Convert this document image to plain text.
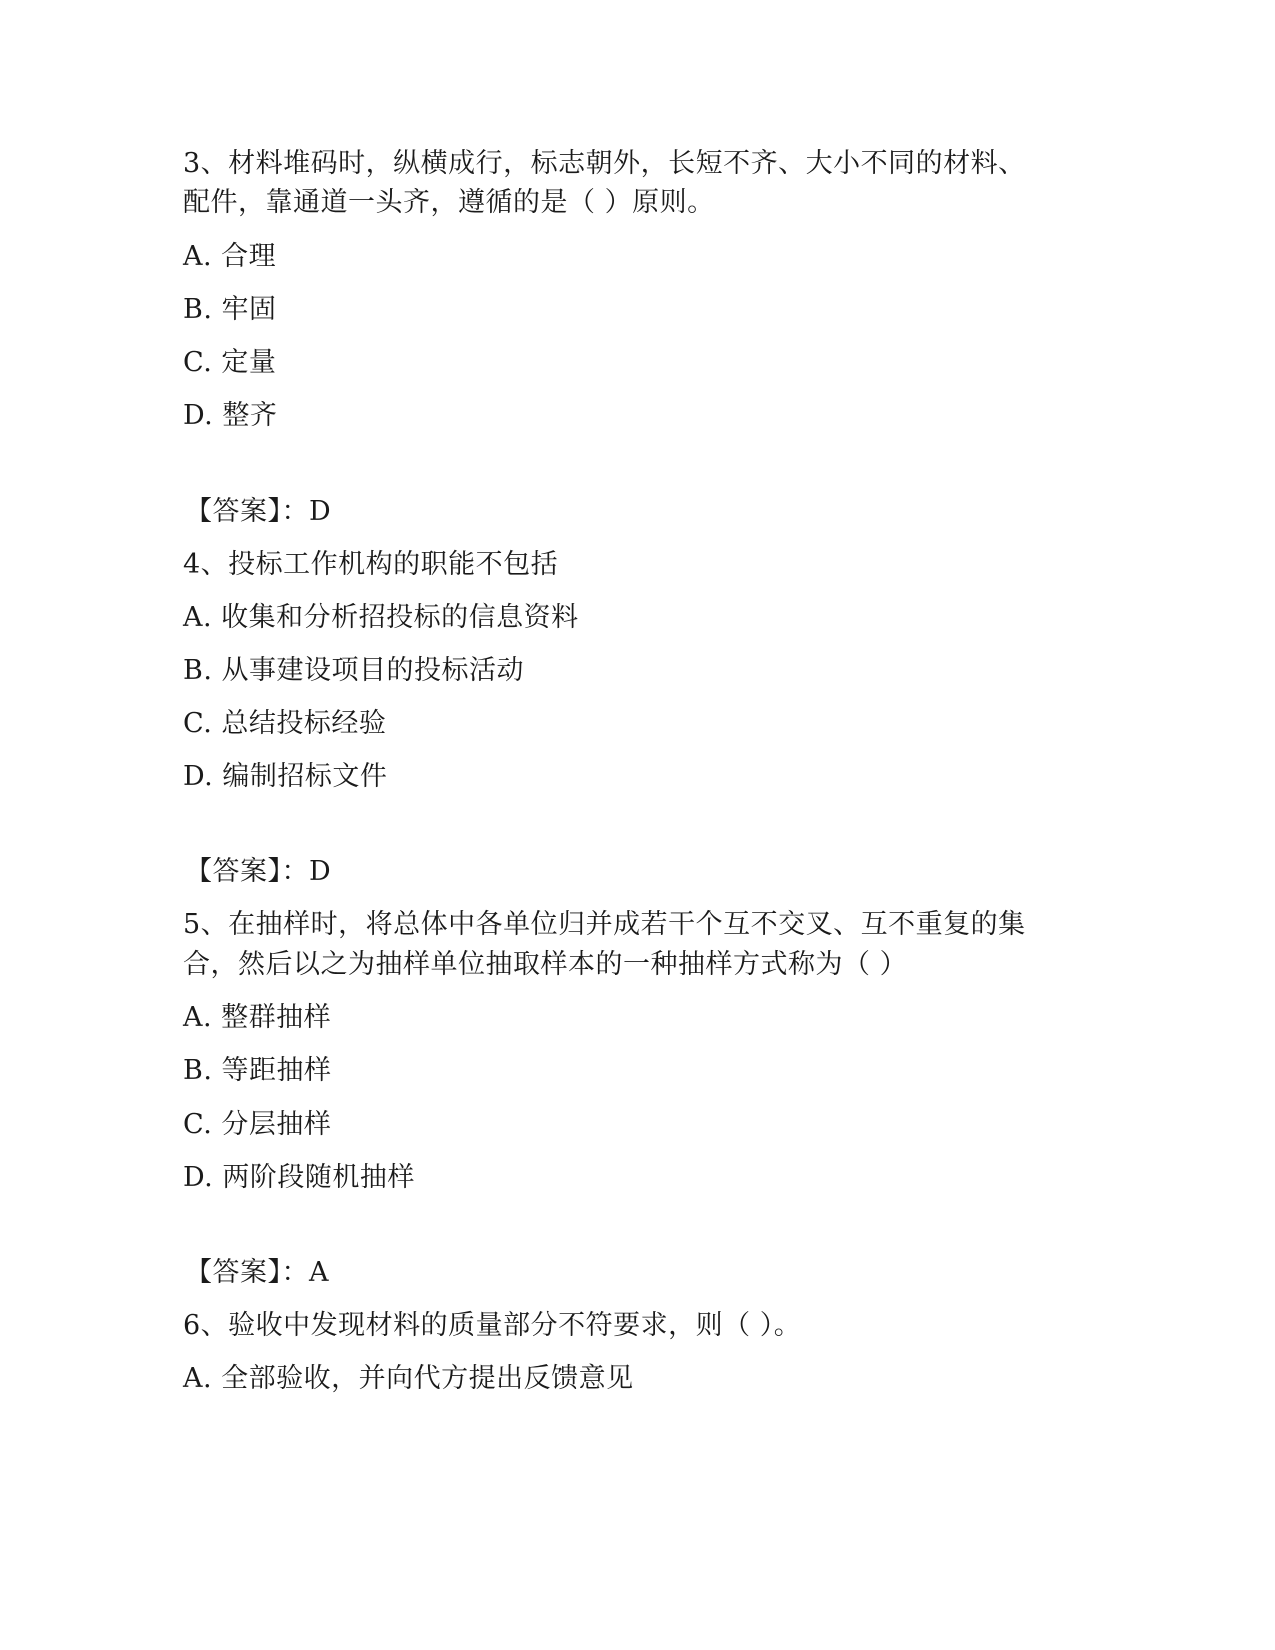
3、材料堆码时，纵横成行，标志朝外，长短不齐、大小不同的材料、
配件，靠通道一头齐，遵循的是（ ）原则。
A. 合理
B. 牢固
C. 定量
D. 整齐
【答案】：D
4、投标工作机构的职能不包括
A. 收集和分析招投标的信息资料
B. 从事建设项目的投标活动
C. 总结投标经验
D. 编制招标文件
【答案】：D
5、在抽样时，将总体中各单位归并成若干个互不交叉、互不重复的集
合，然后以之为抽样单位抽取样本的一种抽样方式称为（ ）
A. 整群抽样
B. 等距抽样
C. 分层抽样
D. 两阶段随机抽样
【答案】：A
6、验收中发现材料的质量部分不符要求，则（ ）。
A. 全部验收，并向代方提出反馈意见
